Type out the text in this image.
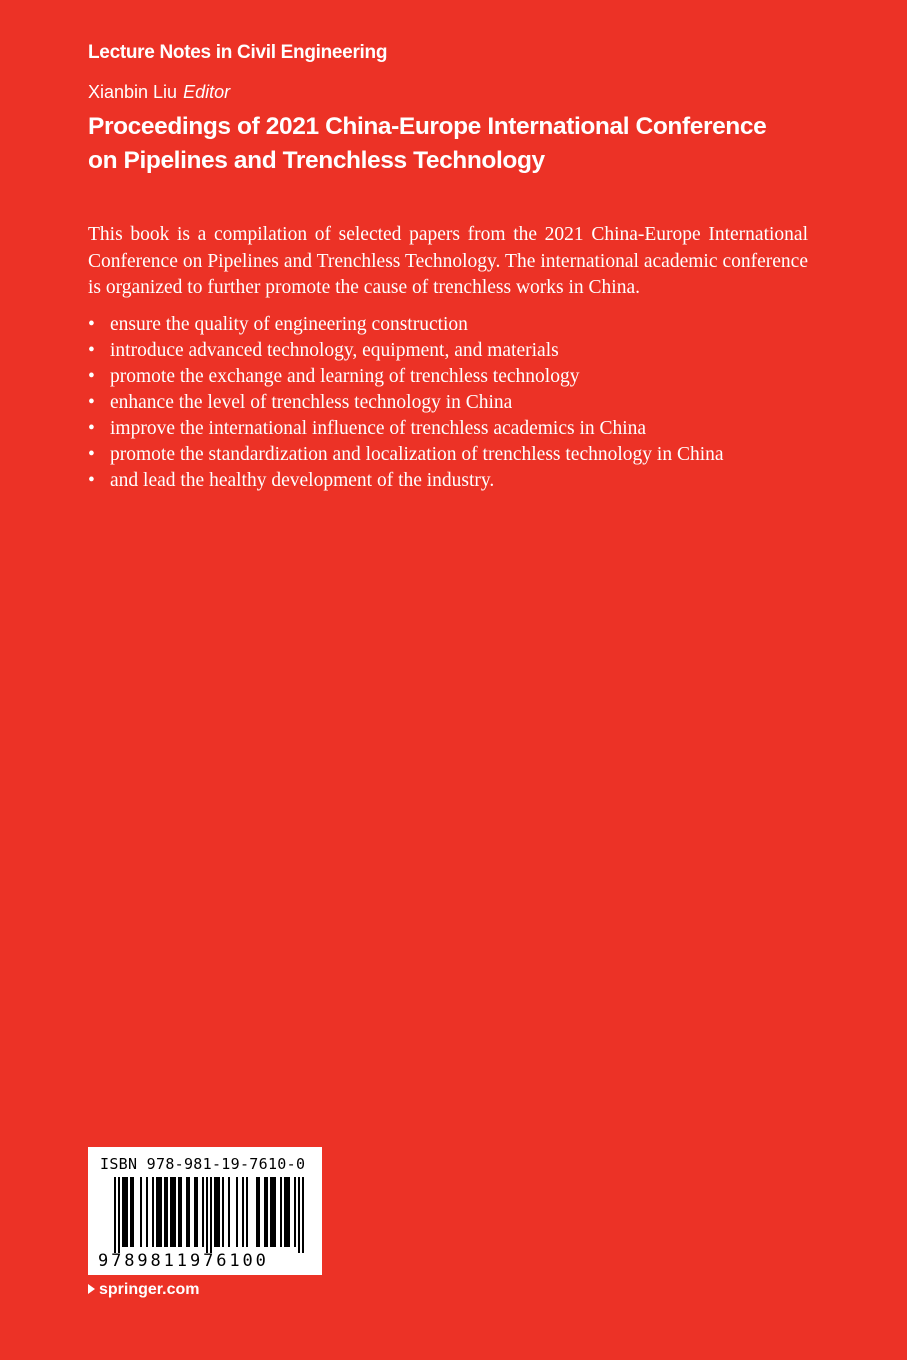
Lecture Notes in Civil Engineering
Xianbin Liu Editor
Proceedings of 2021 China-Europe International Conference
on Pipelines and Trenchless Technology
This book is a compilation of selected papers from the 2021 China-Europe International Conference on Pipelines and Trenchless Technology. The international academic conference is organized to further promote the cause of trenchless works in China.
• ensure the quality of engineering construction
• introduce advanced technology, equipment, and materials
• promote the exchange and learning of trenchless technology
• enhance the level of trenchless technology in China
• improve the international influence of trenchless academics in China
• promote the standardization and localization of trenchless technology in China
• and lead the healthy development of the industry.
ISBN 978-981-19-7610-0
9789811976100
springer.com
